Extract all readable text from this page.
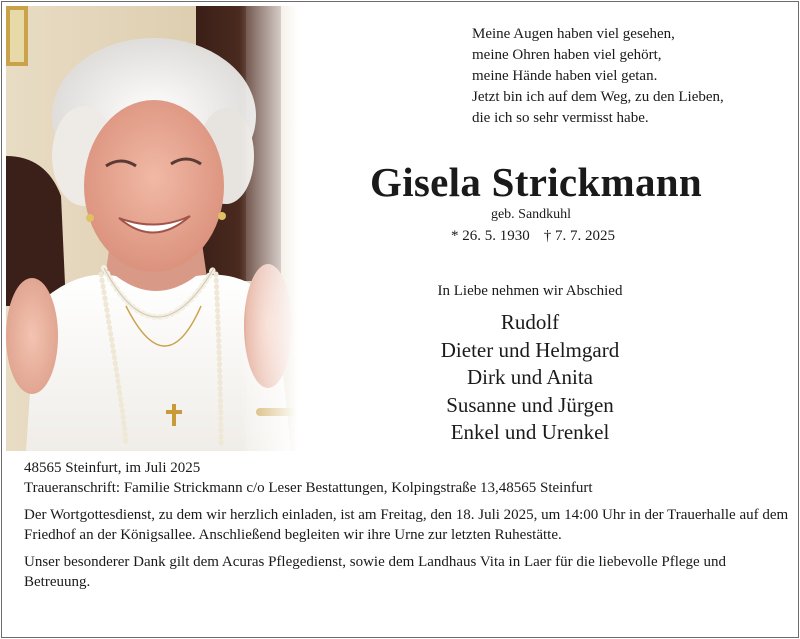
Meine Augen haben viel gesehen,
meine Ohren haben viel gehört,
meine Hände haben viel getan.
Jetzt bin ich auf dem Weg, zu den Lieben,
die ich so sehr vermisst habe.
Gisela Strickmann
geb. Sandkuhl
* 26. 5. 1930 † 7. 7. 2025
In Liebe nehmen wir Abschied
Rudolf
Dieter und Helmgard
Dirk und Anita
Susanne und Jürgen
Enkel und Urenkel

48565 Steinfurt, im Juli 2025

Traueranschrift: Familie Strickmann c/o Leser Bestattungen, Kolpingstraße 13,48565 Steinfurt

Der Wortgottesdienst, zu dem wir herzlich einladen, ist am Freitag, den 18. Juli 2025, um 14:00 Uhr in der Trauerhalle auf dem Friedhof an der Königsallee. Anschließend begleiten wir ihre Urne zur letzten Ruhestätte.

Unser besonderer Dank gilt dem Acuras Pflegedienst, sowie dem Landhaus Vita in Laer für die liebevolle Pflege und Betreuung.
